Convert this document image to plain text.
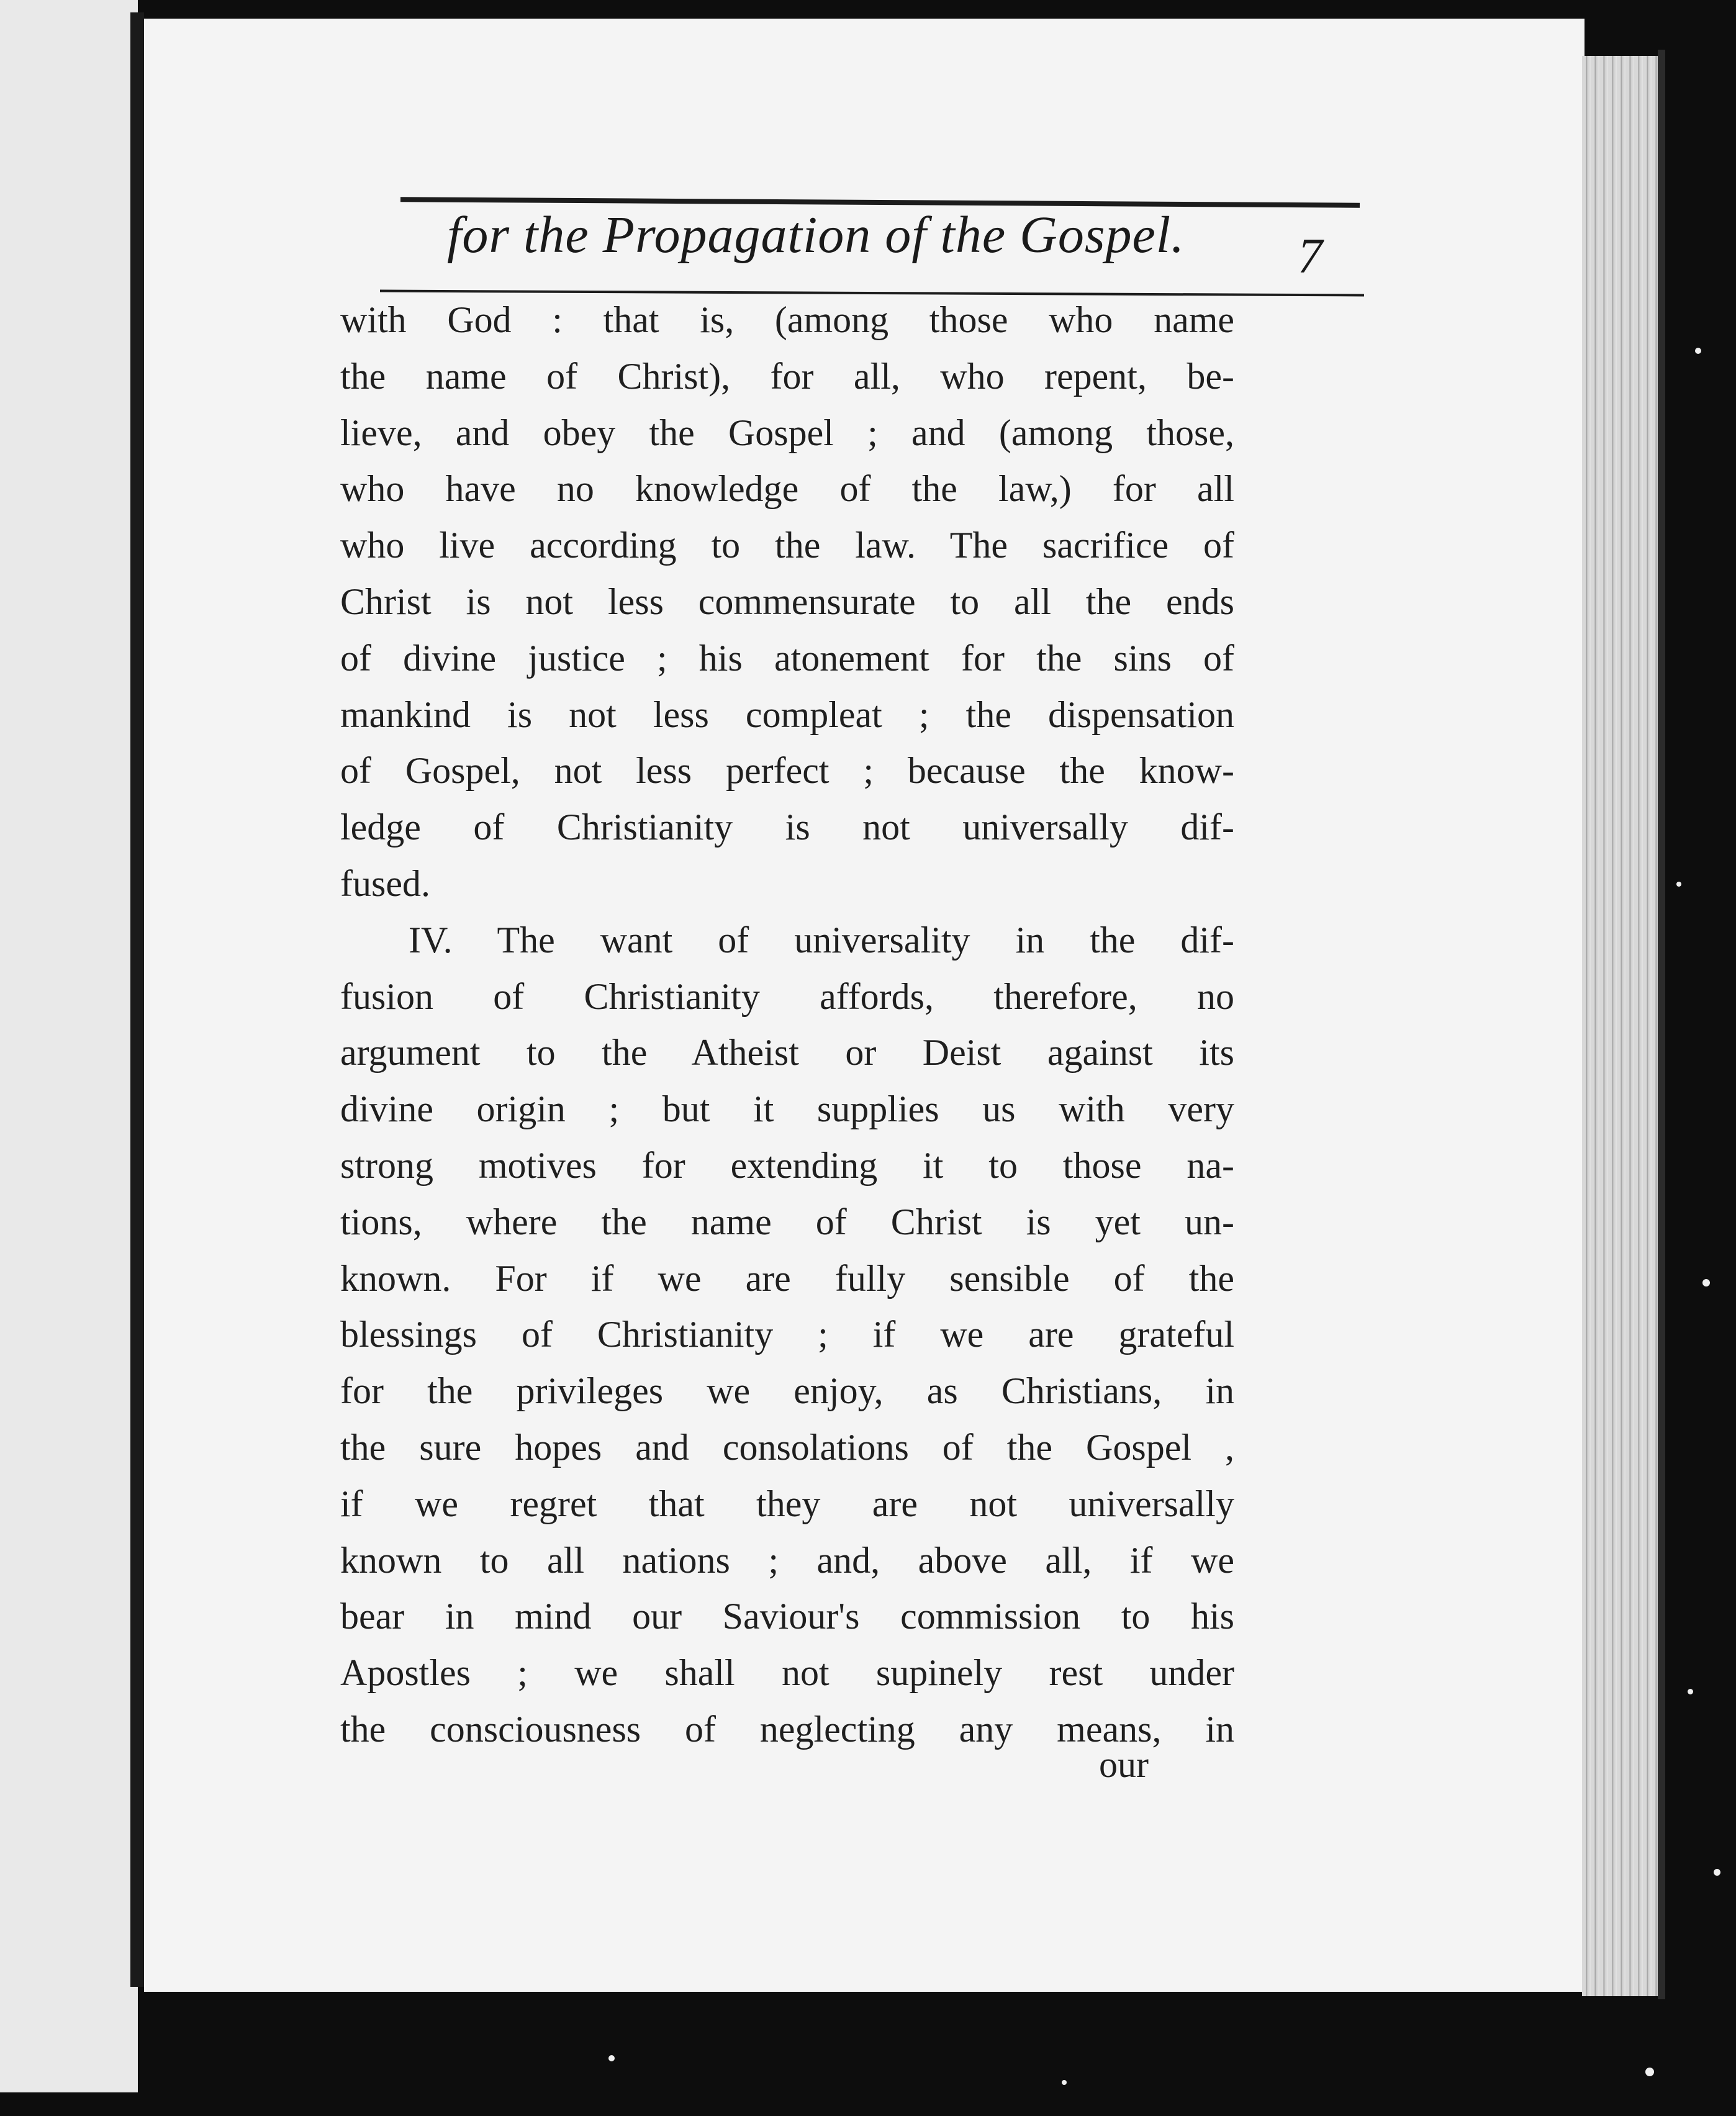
for the Propagation of the Gospel.	7
with God : that is, (among those who name
the name of Christ), for all, who repent, be-
lieve, and obey the Gospel ; and (among those,
who have no knowledge of the law,) for all
who live according to the law. The sacrifice of
Christ is not less commensurate to all the ends
of divine justice ; his atonement for the sins of
mankind is not less compleat ; the dispensation
of Gospel, not less perfect ; because the know-
ledge of Christianity is not universally dif-
fused.
IV. The want of universality in the dif-
fusion of Christianity affords, therefore, no
argument to the Atheist or Deist against its
divine origin ; but it supplies us with very
strong motives for extending it to those na-
tions, where the name of Christ is yet un-
known. For if we are fully sensible of the
blessings of Christianity ; if we are grateful
for the privileges we enjoy, as Christians, in
the sure hopes and consolations of the Gospel ,
if we regret that they are not universally
known to all nations ; and, above all, if we
bear in mind our Saviour's commission to his
Apostles ; we shall not supinely rest under
the consciousness of neglecting any means, in
our
